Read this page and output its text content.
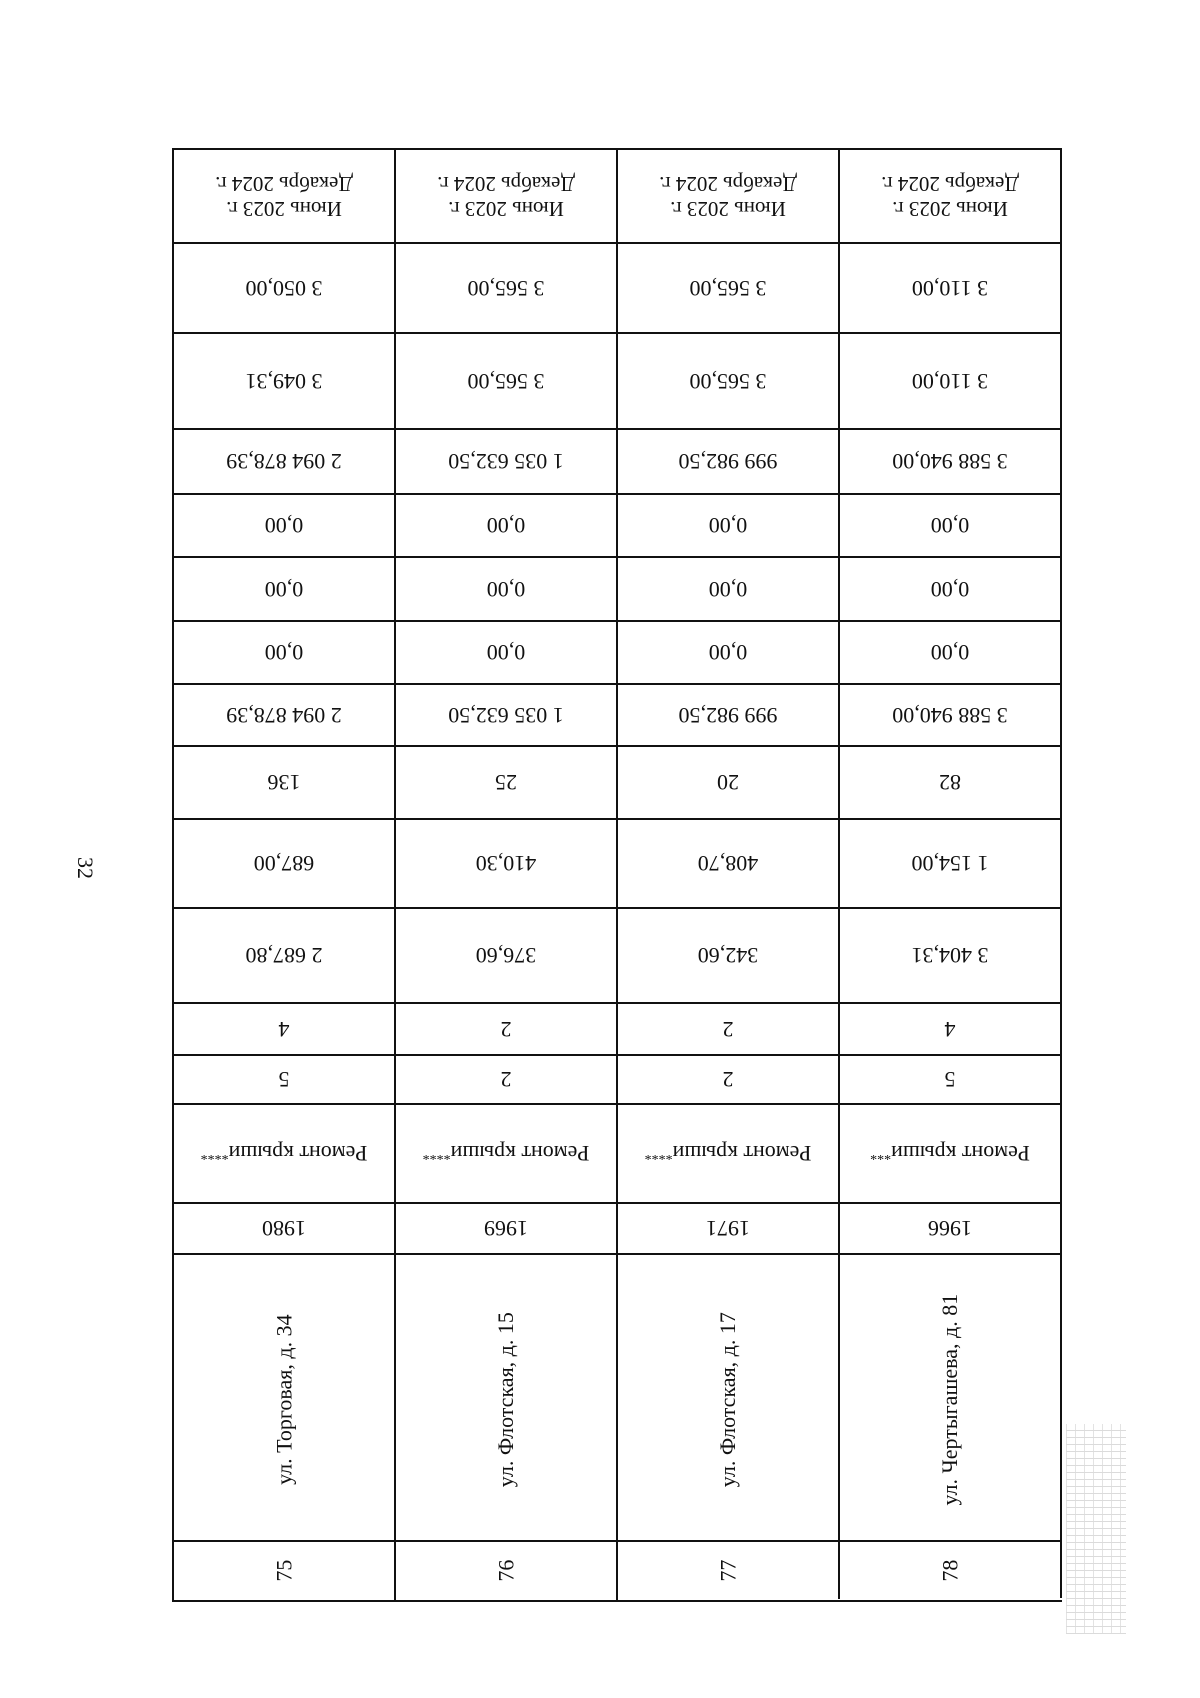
32
Июнь 2023 г.
Декабрь 2024 г.
3 050,00
3 049,31
2 094 878,39
0,00
0,00
0,00
2 094 878,39
136
687,00
2 687,80
4
5
Ремонт крыши
****
1980
ул. Торговая, д. 34
75
Июнь 2023 г.
Декабрь 2024 г.
3 565,00
3 565,00
1 035 632,50
0,00
0,00
0,00
1 035 632,50
25
410,30
376,60
2
2
Ремонт крыши
****
1969
ул. Флотская, д. 15
76
Июнь 2023 г.
Декабрь 2024 г.
3 565,00
3 565,00
999 982,50
0,00
0,00
0,00
999 982,50
20
408,70
342,60
2
2
Ремонт крыши
****
1971
ул. Флотская, д. 17
77
Июнь 2023 г.
Декабрь 2024 г.
3 110,00
3 110,00
3 588 940,00
0,00
0,00
0,00
3 588 940,00
82
1 154,00
3 404,31
4
5
Ремонт крыши
***
1966
ул. Чертыгашева, д. 81
78
